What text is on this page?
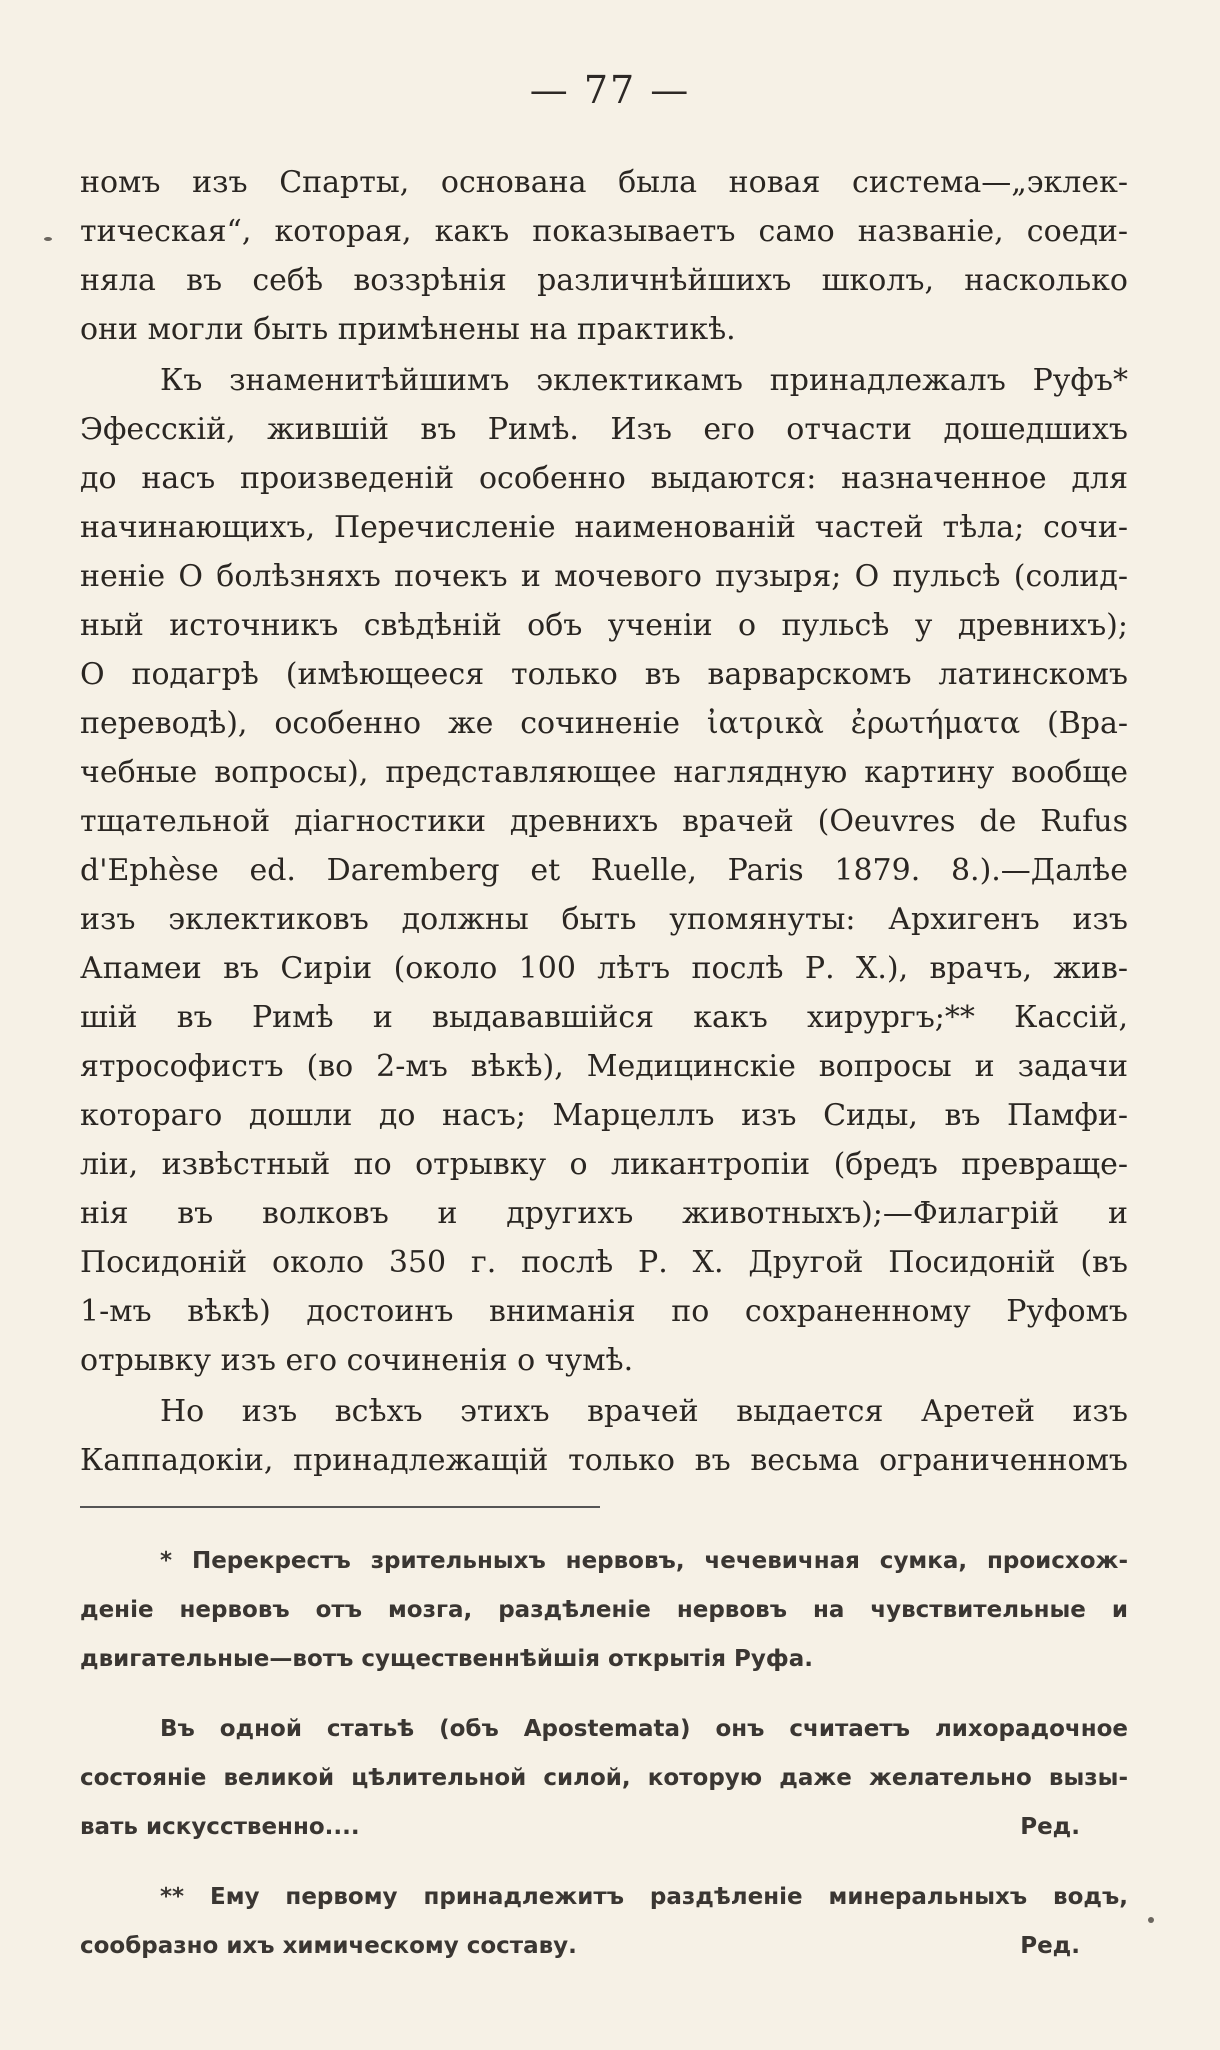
— 77 —
номъ изъ Спарты, основана была новая система—„эклек-
тическая“, которая, какъ показываетъ само названіе, соеди-
няла въ себѣ воззрѣнія различнѣйшихъ школъ, насколько
они могли быть примѣнены на практикѣ.
Къ знаменитѣйшимъ эклектикамъ принадлежалъ Руфъ*
Эфесскій, жившій въ Римѣ. Изъ его отчасти дошедшихъ
до насъ произведеній особенно выдаются: назначенное для
начинающихъ, Перечисленіе наименованій частей тѣла; сочи-
неніе О болѣзняхъ почекъ и мочевого пузыря; О пульсѣ (солид-
ный источникъ свѣдѣній объ ученіи о пульсѣ у древнихъ);
О подагрѣ (имѣющееся только въ варварскомъ латинскомъ
переводѣ), особенно же сочиненіе ἰατρικὰ ἐρωτήματα (Вра-
чебные вопросы), представляющее наглядную картину вообще
тщательной діагностики древнихъ врачей (Oeuvres de Rufus
d'Ephèse ed. Daremberg et Ruelle, Paris 1879. 8.).—Далѣе
изъ эклектиковъ должны быть упомянуты: Архигенъ изъ
Апамеи въ Сиріи (около 100 лѣтъ послѣ Р. Х.), врачъ, жив-
шій въ Римѣ и выдававшійся какъ хирургъ;** Кассій,
ятрософистъ (во 2-мъ вѣкѣ), Медицинскіе вопросы и задачи
котораго дошли до насъ; Марцеллъ изъ Сиды, въ Памфи-
ліи, извѣстный по отрывку о ликантропіи (бредъ превраще-
нія въ волковъ и другихъ животныхъ);—Филагрій и
Посидоній около 350 г. послѣ Р. Х. Другой Посидоній (въ
1-мъ вѣкѣ) достоинъ вниманія по сохраненному Руфомъ
отрывку изъ его сочиненія о чумѣ.
Но изъ всѣхъ этихъ врачей выдается Аретей изъ
Каппадокіи, принадлежащій только въ весьма ограниченномъ
* Перекрестъ зрительныхъ нервовъ, чечевичная сумка, происхож-
деніе нервовъ отъ мозга, раздѣленіе нервовъ на чувствительные и
двигательные—вотъ существеннѣйшія открытія Руфа.
Въ одной статьѣ (объ Apostemata) онъ считаетъ лихорадочное
состояніе великой цѣлительной силой, которую даже желательно вызы-
вать искусственно....	Ред.
** Ему первому принадлежитъ раздѣленіе минеральныхъ водъ,
сообразно ихъ химическому составу.	Ред.
